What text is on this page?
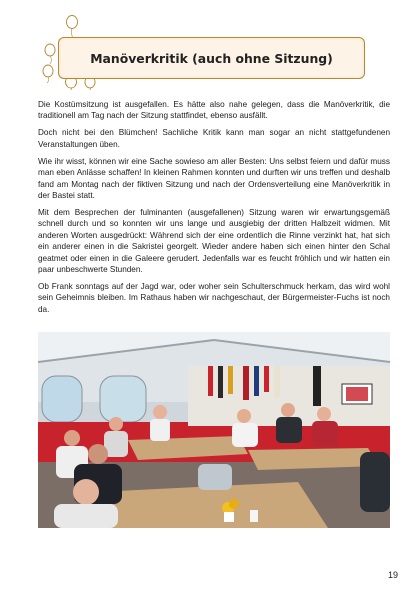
Manöverkritik (auch ohne Sitzung)

Die Kostümsitzung ist ausgefallen. Es hätte also nahe gelegen, dass die Manöverkritik, die traditionell am Tag nach der Sitzung stattfindet, ebenso ausfällt.

Doch nicht bei den Blümchen! Sachliche Kritik kann man sogar an nicht stattgefundenen Veranstaltungen üben.

Wie ihr wisst, können wir eine Sache sowieso am aller Besten: Uns selbst feiern und dafür muss man eben Anlässe schaffen! In kleinen Rahmen konnten und durften wir uns treffen und deshalb fand am Montag nach der fiktiven Sitzung und nach der Ordensverteilung eine Manöverkritik in der Bastei statt.

Mit dem Besprechen der fulminanten (ausgefallenen) Sitzung waren wir erwartungsgemäß schnell durch und so konnten wir uns lange und ausgiebig der dritten Halbzeit widmen. Mit anderen Worten ausgedrückt: Während sich der eine ordentlich die Rinne verzinkt hat, hat sich ein anderer einen in die Sakristei georgelt. Wieder andere haben sich einen hinter den Schal geatmet oder einen in die Galeere gerudert. Jedenfalls war es feucht fröhlich und wir hatten ein paar unbeschwerte Stunden.

Ob Frank sonntags auf der Jagd war, oder woher sein Schulterschmuck herkam, das wird wohl sein Geheimnis bleiben. Im Rathaus haben wir nachgeschaut, der Bürgermeister-Fuchs ist noch da.

19
